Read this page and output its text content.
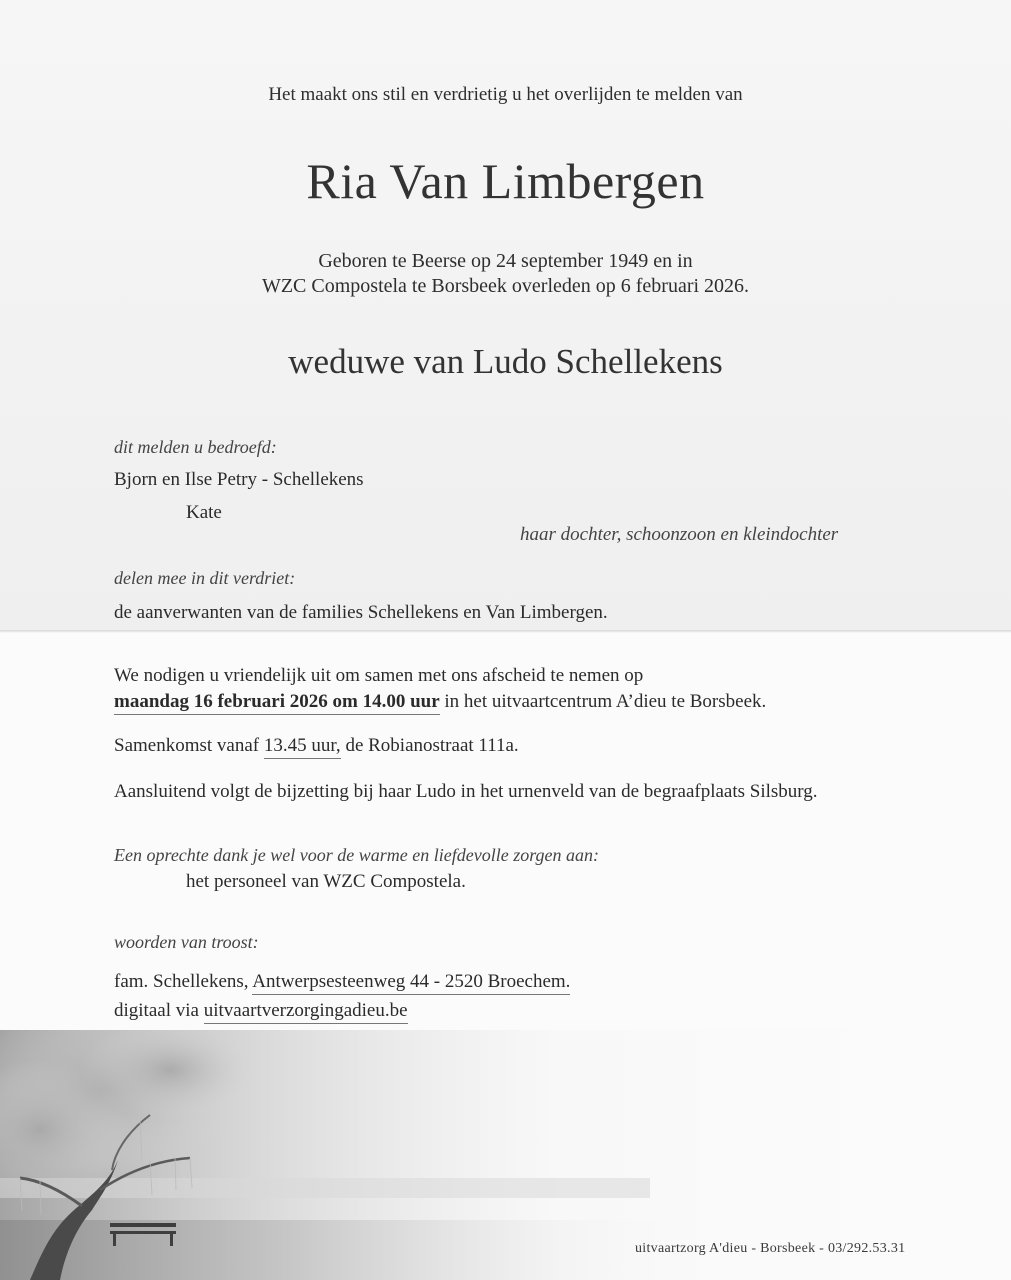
Het maakt ons stil en verdrietig u het overlijden te melden van
Ria Van Limbergen
Geboren te Beerse op 24 september 1949 en in
WZC Compostela te Borsbeek overleden op 6 februari 2026.
weduwe van Ludo Schellekens
dit melden u bedroefd:
Bjorn en Ilse Petry - Schellekens
Kate
haar dochter, schoonzoon en kleindochter
delen mee in dit verdriet:
de aanverwanten van de families Schellekens en Van Limbergen.
We nodigen u vriendelijk uit om samen met ons afscheid te nemen op
maandag 16 februari 2026 om 14.00 uur in het uitvaartcentrum A’dieu te Borsbeek.
Samenkomst vanaf 13.45 uur, de Robianostraat 111a.
Aansluitend volgt de bijzetting bij haar Ludo in het urnenveld van de begraafplaats Silsburg.
Een oprechte dank je wel voor de warme en liefdevolle zorgen aan:
het personeel van WZC Compostela.
woorden van troost:
fam. Schellekens, Antwerpsesteenweg 44 - 2520 Broechem.
digitaal via uitvaartverzorgingadieu.be
uitvaartzorg A'dieu - Borsbeek - 03/292.53.31
